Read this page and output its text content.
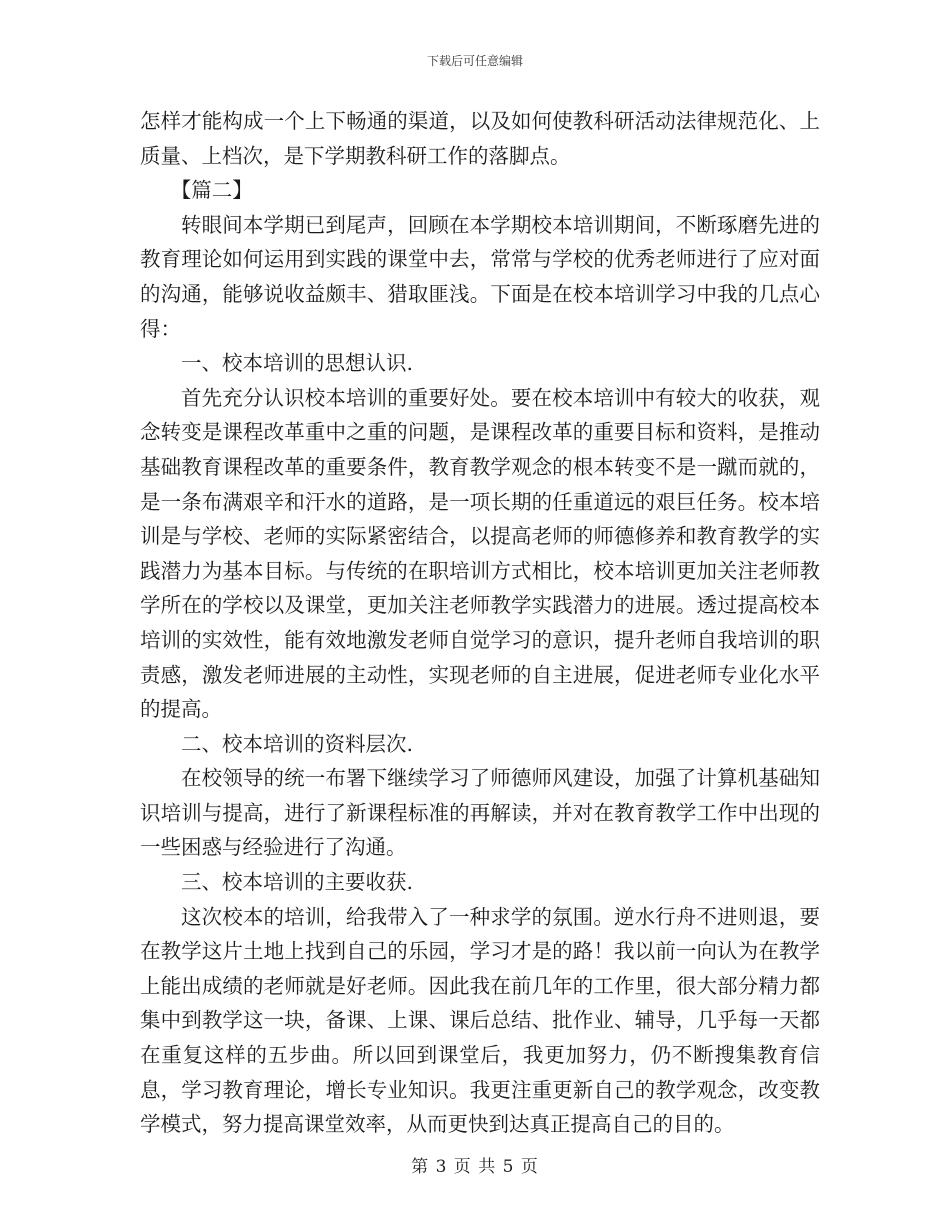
下载后可任意编辑

怎样才能构成一个上下畅通的渠道，以及如何使教科研活动法律规范化、上质量、上档次，是下学期教科研工作的落脚点。

【篇二】

转眼间本学期已到尾声，回顾在本学期校本培训期间，不断琢磨先进的教育理论如何运用到实践的课堂中去，常常与学校的优秀老师进行了应对面的沟通，能够说收益颇丰、猎取匪浅。下面是在校本培训学习中我的几点心得：

一、校本培训的思想认识.

首先充分认识校本培训的重要好处。要在校本培训中有较大的收获，观念转变是课程改革重中之重的问题，是课程改革的重要目标和资料，是推动基础教育课程改革的重要条件，教育教学观念的根本转变不是一蹴而就的，是一条布满艰辛和汗水的道路，是一项长期的任重道远的艰巨任务。校本培训是与学校、老师的实际紧密结合，以提高老师的师德修养和教育教学的实践潜力为基本目标。与传统的在职培训方式相比，校本培训更加关注老师教学所在的学校以及课堂，更加关注老师教学实践潜力的进展。透过提高校本培训的实效性，能有效地激发老师自觉学习的意识，提升老师自我培训的职责感，激发老师进展的主动性，实现老师的自主进展，促进老师专业化水平的提高。

二、校本培训的资料层次.

在校领导的统一布署下继续学习了师德师风建设，加强了计算机基础知识培训与提高，进行了新课程标准的再解读，并对在教育教学工作中出现的一些困惑与经验进行了沟通。

三、校本培训的主要收获.

这次校本的培训，给我带入了一种求学的氛围。逆水行舟不进则退，要在教学这片土地上找到自己的乐园，学习才是的路！我以前一向认为在教学上能出成绩的老师就是好老师。因此我在前几年的工作里，很大部分精力都集中到教学这一块，备课、上课、课后总结、批作业、辅导，几乎每一天都在重复这样的五步曲。所以回到课堂后，我更加努力，仍不断搜集教育信息，学习教育理论，增长专业知识。我更注重更新自己的教学观念，改变教学模式，努力提高课堂效率，从而更快到达真正提高自己的目的。

第 3 页 共 5 页
